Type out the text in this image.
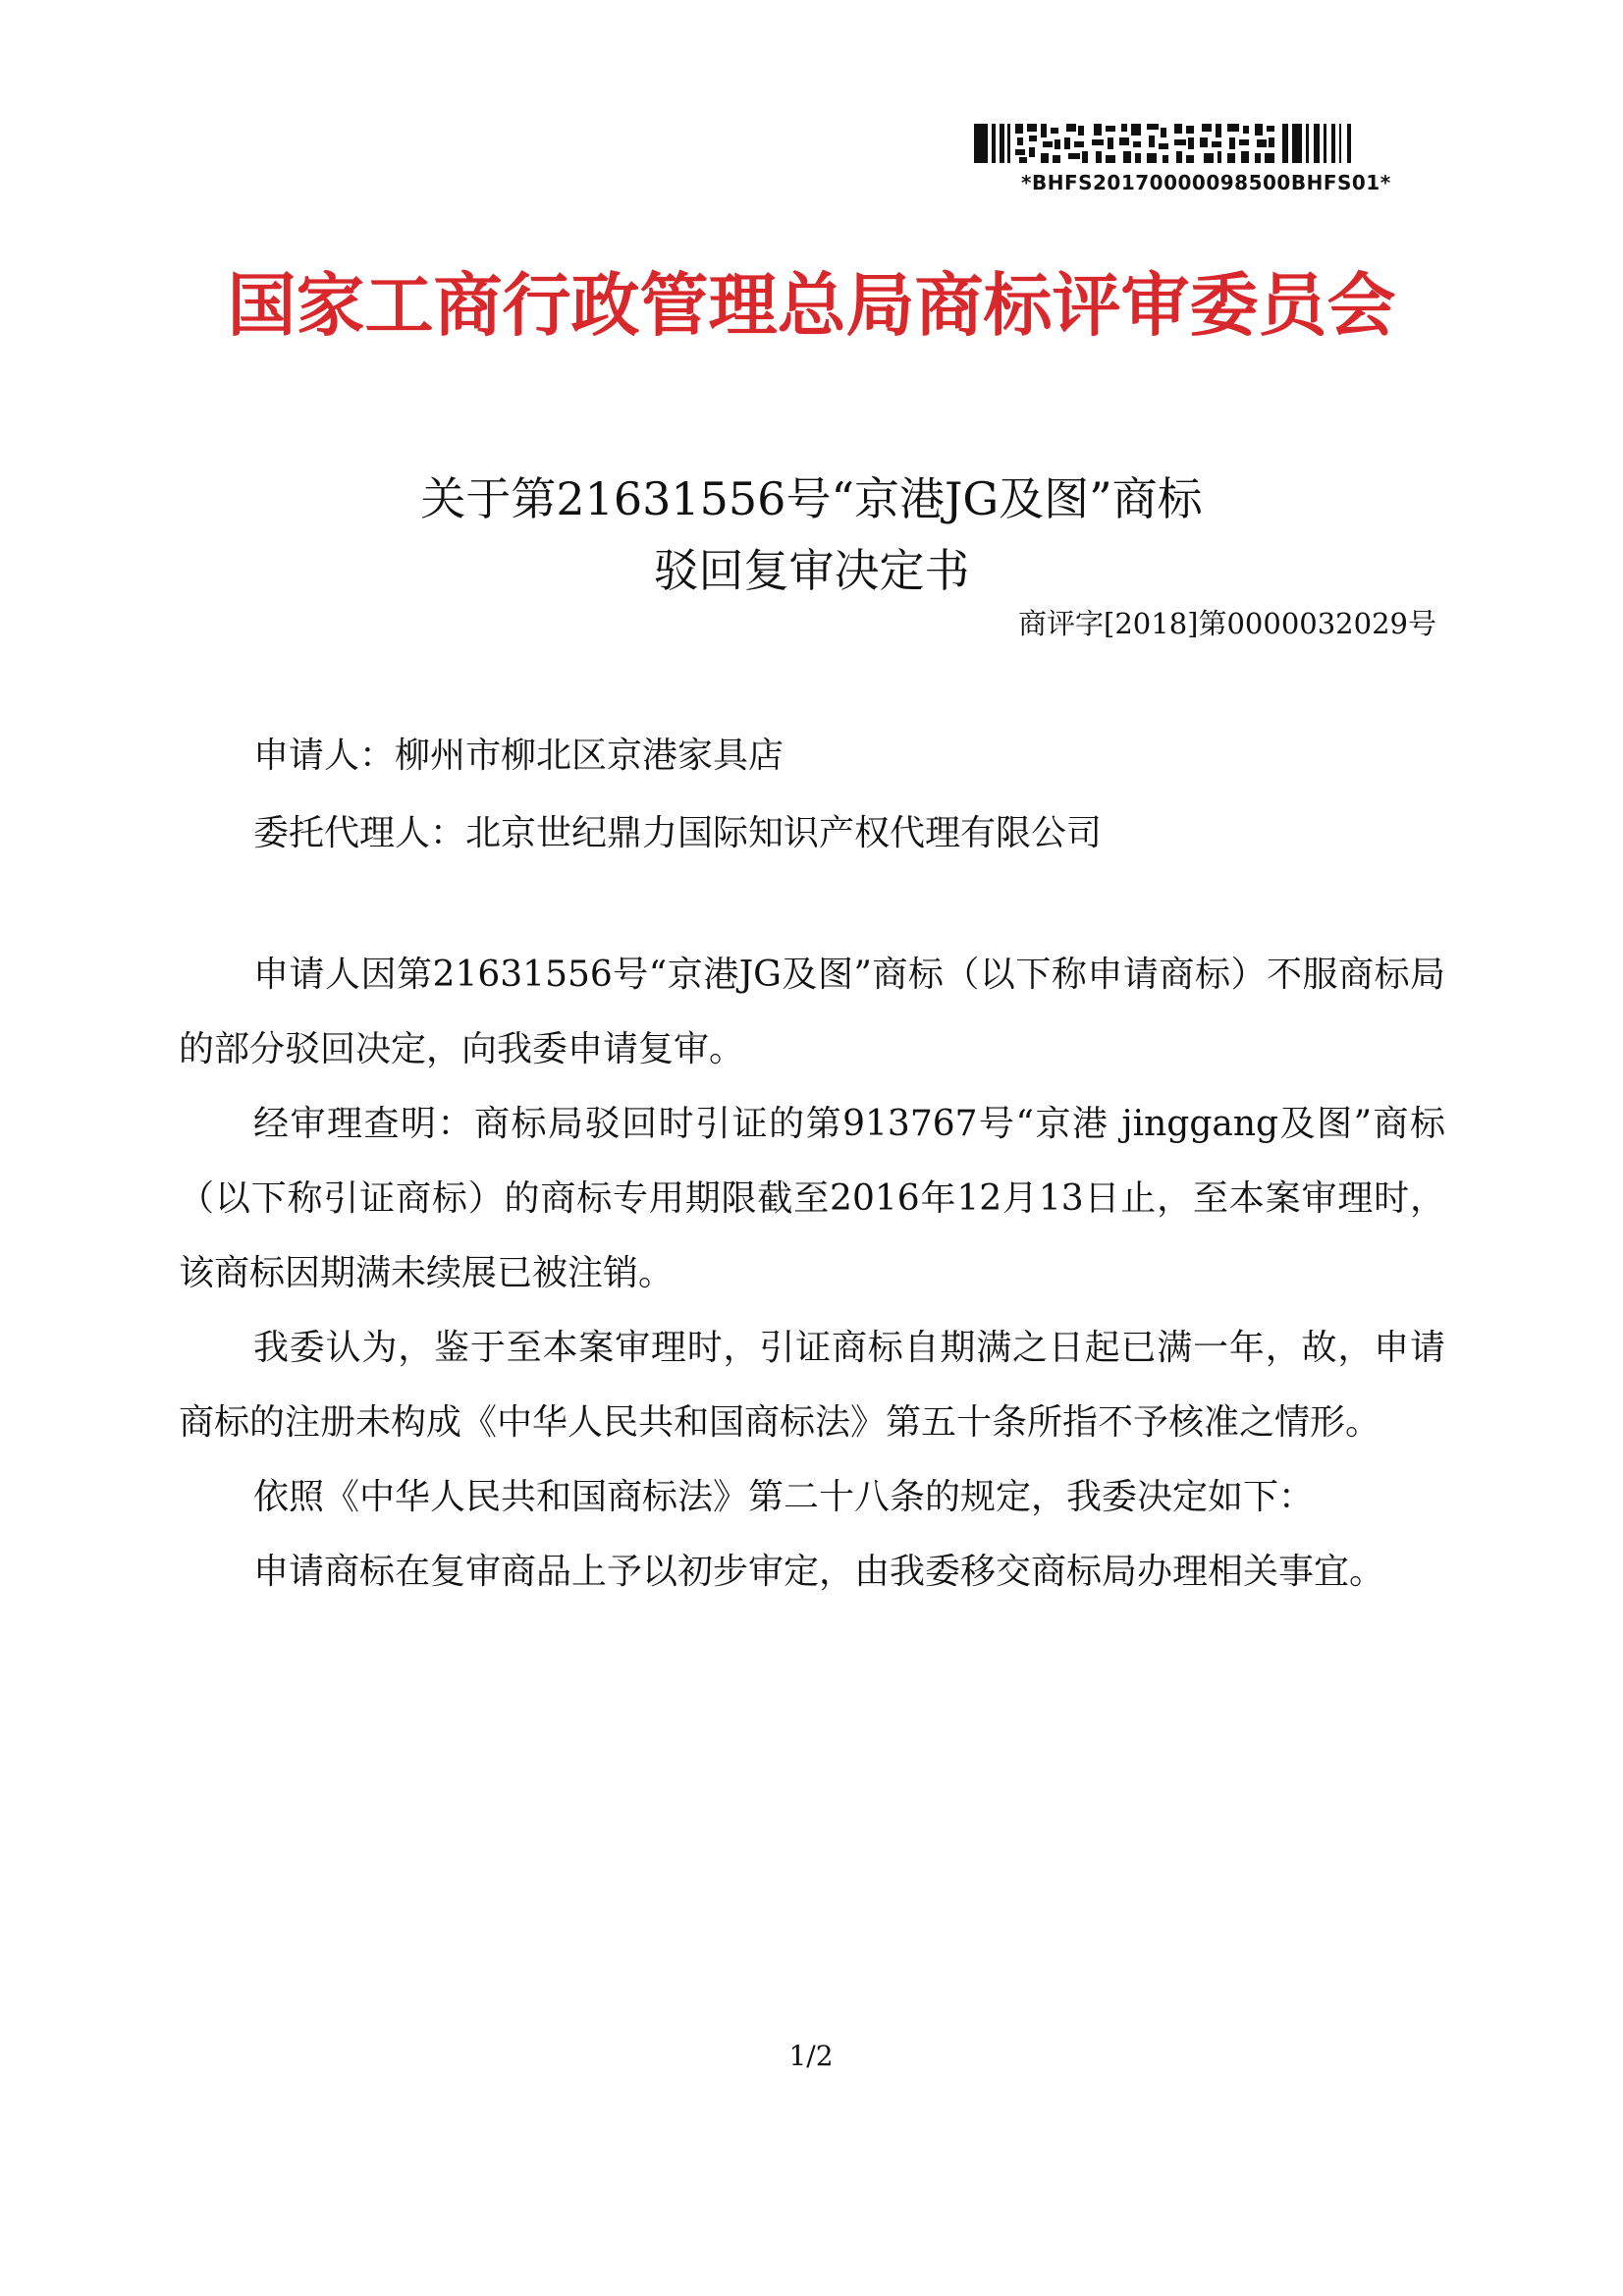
*BHFS20170000098500BHFS01*
国家工商行政管理总局商标评审委员会
关于第21631556号“京港JG及图”商标
驳回复审决定书
商评字[2018]第0000032029号
申请人：柳州市柳北区京港家具店
委托代理人：北京世纪鼎力国际知识产权代理有限公司

申请人因第21631556号“京港JG及图”商标（以下称申请商标）不服商标局的部分驳回决定，向我委申请复审。

经审理查明：商标局驳回时引证的第913767号“京港 jinggang及图”商标（以下称引证商标）的商标专用期限截至2016年12月13日止，至本案审理时，该商标因期满未续展已被注销。

我委认为，鉴于至本案审理时，引证商标自期满之日起已满一年，故，申请商标的注册未构成《中华人民共和国商标法》第五十条所指不予核准之情形。

依照《中华人民共和国商标法》第二十八条的规定，我委决定如下：

申请商标在复审商品上予以初步审定，由我委移交商标局办理相关事宜。

1/2
